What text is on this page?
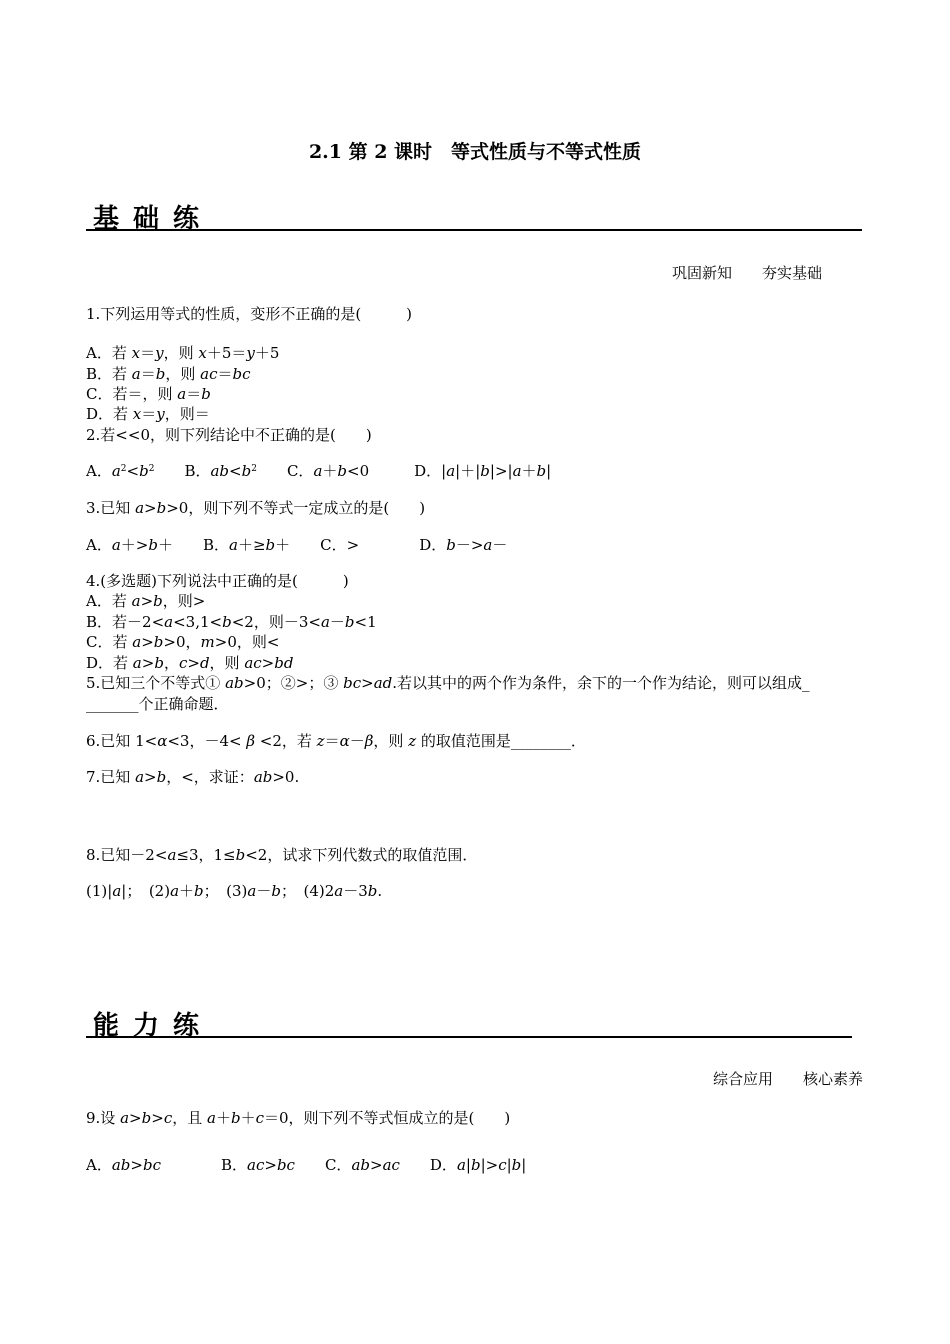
2.1 第 2 课时　等式性质与不等式性质
基础练
巩固新知　　夯实基础
1.下列运用等式的性质，变形不正确的是(　　　)
A．若 x＝y，则 x＋5＝y＋5
B．若 a＝b，则 ac＝bc
C．若＝，则 a＝b
D．若 x＝y，则＝
2.若<<0，则下列结论中不正确的是(　　)
A．$a^2<b^2$　　B．$ab<b^2$　　C．a＋b<0　　　D．|a|＋|b|>|a＋b|
3.已知 a>b>0，则下列不等式一定成立的是(　　)
A．a＋>b＋　　B．a＋≥b＋　　C．>　　　　D．b－>a－
4.(多选题)下列说法中正确的是(　　　)
A．若 a>b，则>
B．若－2<a<3,1<b<2，则－3<a－b<1
C．若 a>b>0，m>0，则<
D．若 a>b，c>d，则 ac>bd
5.已知三个不等式① ab>0；②>；③ bc>ad.若以其中的两个作为条件，余下的一个作为结论，则可以组成_
_______个正确命题．
6.已知 1<α<3，－4< β <2，若 z＝α－β，则 z 的取值范围是________．
7.已知 a>b，<，求证：ab>0.
8.已知－2<a≤3，1≤b<2，试求下列代数式的取值范围．
(1)|a|；　(2)a＋b；　(3)a－b；　(4)2a－3b.
能力练
综合应用　　核心素养
9.设 a>b>c，且 a＋b＋c＝0，则下列不等式恒成立的是(　　)
A．ab>bc　　　　B．ac>bc　　C．ab>ac　　D．a|b|>c|b|
